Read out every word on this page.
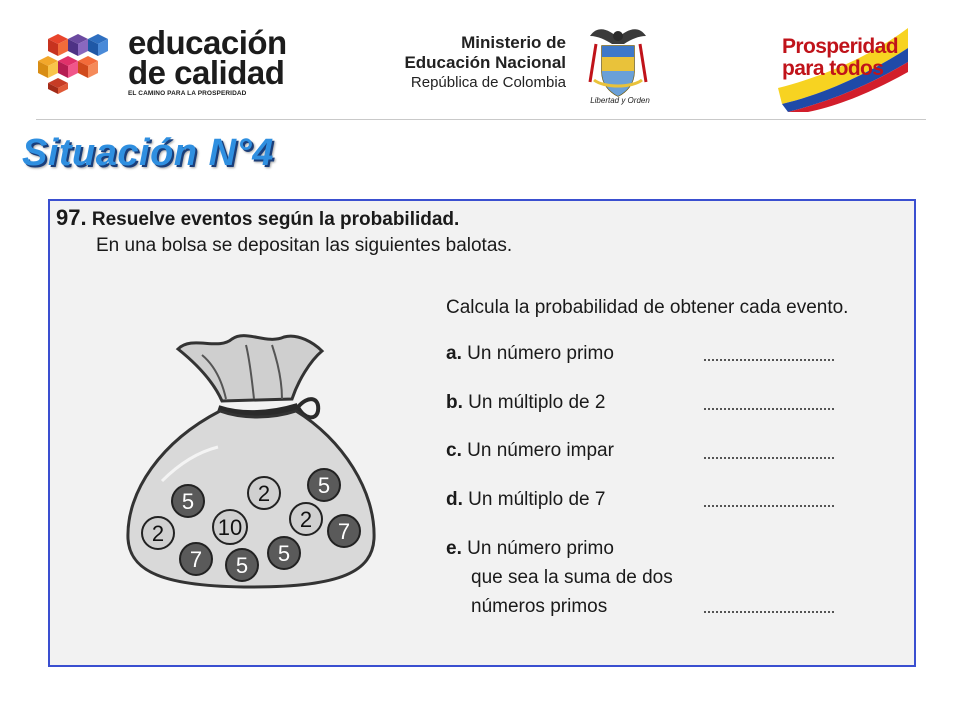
educación
de calidad
EL CAMINO PARA LA PROSPERIDAD
Ministerio de
Educación Nacional
República de Colombia
Libertad y Orden
Prosperidad
para todos
Situación N°4
97. Resuelve eventos según la probabilidad.
En una bolsa se depositan las siguientes balotas.
5	2 5
2 10	2 7
7 5 5
Calcula la probabilidad de obtener cada evento.
a. Un número primo
b. Un múltiplo de 2
c. Un número impar
d. Un múltiplo de 7
e. Un número primo
que sea la suma de dos
números primos
